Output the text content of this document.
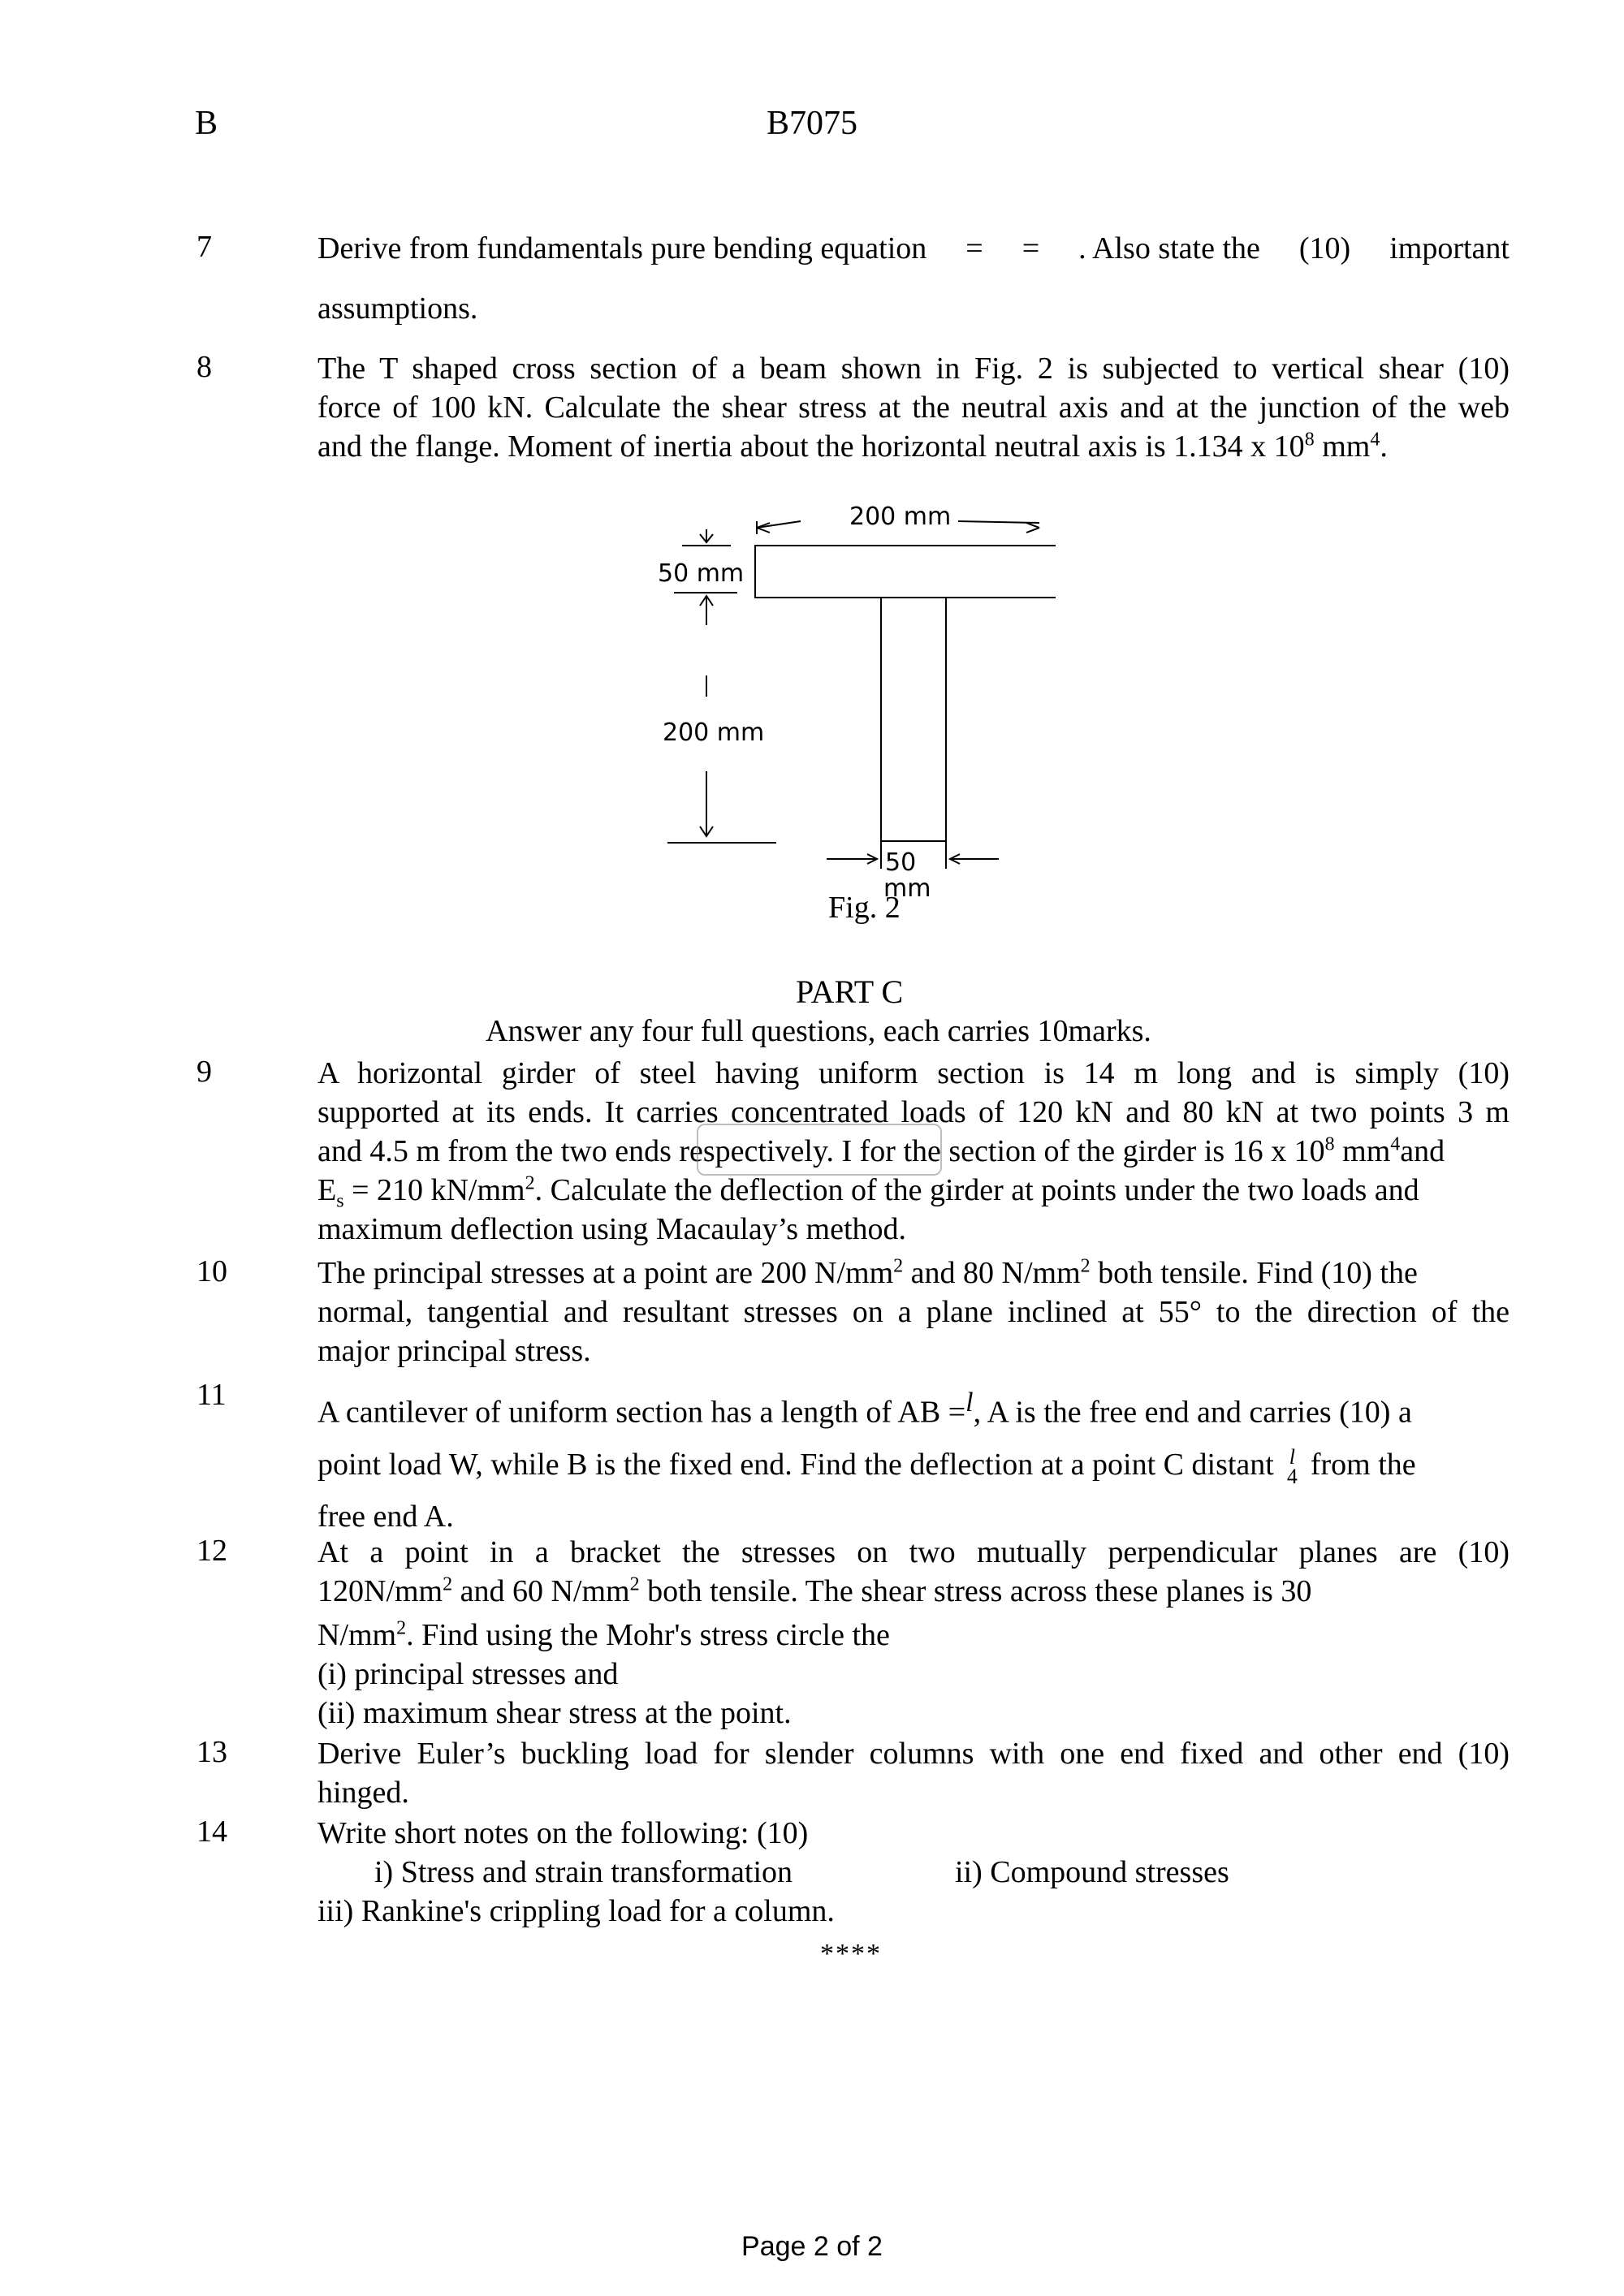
B	B7075
7	Derive from fundamentals pure bending equation = = . Also state the (10) important
assumptions.
8	The T shaped cross section of a beam shown in Fig. 2 is subjected to vertical shear (10)
force of 100 kN. Calculate the shear stress at the neutral axis and at the junction of the web
and the flange. Moment of inertia about the horizontal neutral axis is 1.134 x $10^8$ $mm^4$.
200 mm
50 mm
200 mm
50
mm
Fig. 2
PART C
Answer any four full questions, each carries 10marks.
9	A horizontal girder of steel having uniform section is 14 m long and is simply (10)
supported at its ends. It carries concentrated loads of 120 kN and 80 kN at two points 3 m
and 4.5 m from the two ends respectively. I for the section of the girder is 16 x $10^8$ $mm^4and$
$E_s = 210$ $kN/mm^2$. Calculate the deflection of the girder at points under the two loads and
maximum deflection using Macaulay’s method.
10	The principal stresses at a point are 200 $N/mm^2$ and 80 $N/mm^2$ both tensile. Find (10) the
normal, tangential and resultant stresses on a plane inclined at 55° to the direction of the
major principal stress.
11
A cantilever of uniform section has a length of AB =l, A is the free end and carries (10) a
point load W, while B is the fixed end. Find the deflection at a point C distant l
4 from the
free end A.
12	At a point in a bracket the stresses on two mutually perpendicular planes are (10)
$120N/mm^2$ and 60 $N/mm^2$ both tensile. The shear stress across these planes is 30
$N/mm^2$. Find using the Mohr's stress circle the
(i) principal stresses and
(ii) maximum shear stress at the point.
13	Derive Euler’s buckling load for slender columns with one end fixed and other end (10)
hinged.
14	Write short notes on the following: (10)
i) Stress and strain transformation	ii) Compound stresses
iii) Rankine's crippling load for a column.
****
Page 2 of 2
